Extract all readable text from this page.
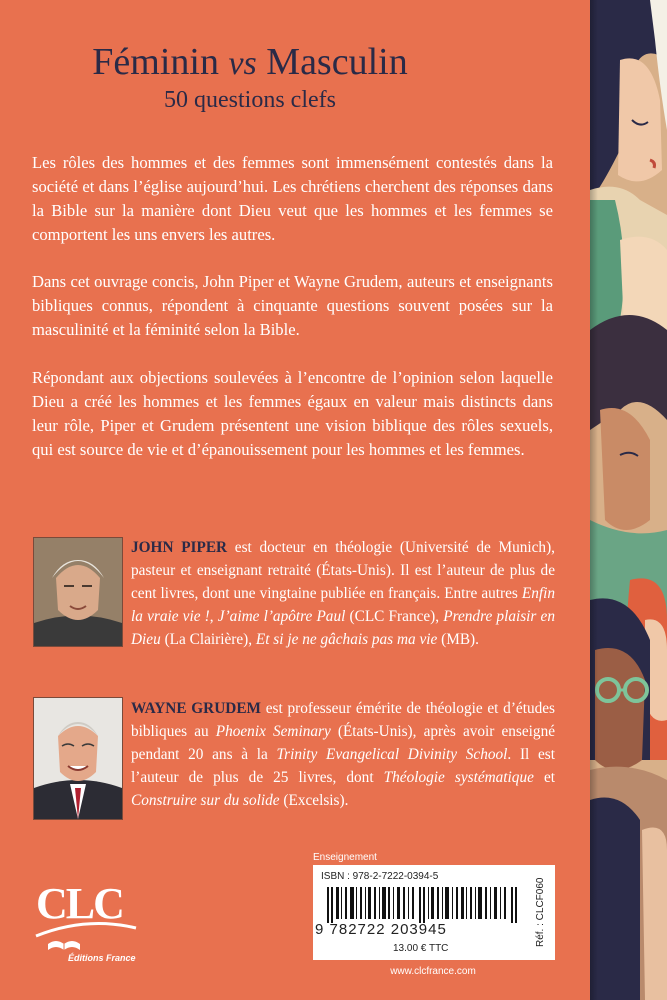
Féminin vs Masculin
50 questions clefs

Les rôles des hommes et des femmes sont immensément contestés dans la société et dans l’église aujourd’hui. Les chrétiens cherchent des réponses dans la Bible sur la manière dont Dieu veut que les hommes et les femmes se comportent les uns envers les autres.

Dans cet ouvrage concis, John Piper et Wayne Grudem, auteurs et enseignants bibliques connus, répondent à cinquante questions souvent posées sur la masculinité et la féminité selon la Bible.

Répondant aux objections soulevées à l’encontre de l’opinion selon laquelle Dieu a créé les hommes et les femmes égaux en valeur mais distincts dans leur rôle, Piper et Grudem présentent une vision biblique des rôles sexuels, qui est source de vie et d’épanouissement pour les hommes et les femmes.

JOHN PIPER est docteur en théologie (Université de Munich), pasteur et enseignant retraité (États-Unis). Il est l’auteur de plus de cent livres, dont une vingtaine publiée en français. Entre autres Enfin la vraie vie !, J’aime l’apôtre Paul (CLC France), Prendre plaisir en Dieu (La Clairière), Et si je ne gâchais pas ma vie (MB).

WAYNE GRUDEM est professeur émérite de théologie et d’études bibliques au Phoenix Seminary (États-Unis), après avoir enseigné pendant 20 ans à la Trinity Evangelical Divinity School. Il est l’auteur de plus de 25 livres, dont Théologie systématique et Construire sur du solide (Excelsis).

CLC
Éditions France
Enseignement
ISBN : 978-2-7222-0394-5
9 782722 203945
13.00 € TTC
Réf. : CLCF060
www.clcfrance.com
